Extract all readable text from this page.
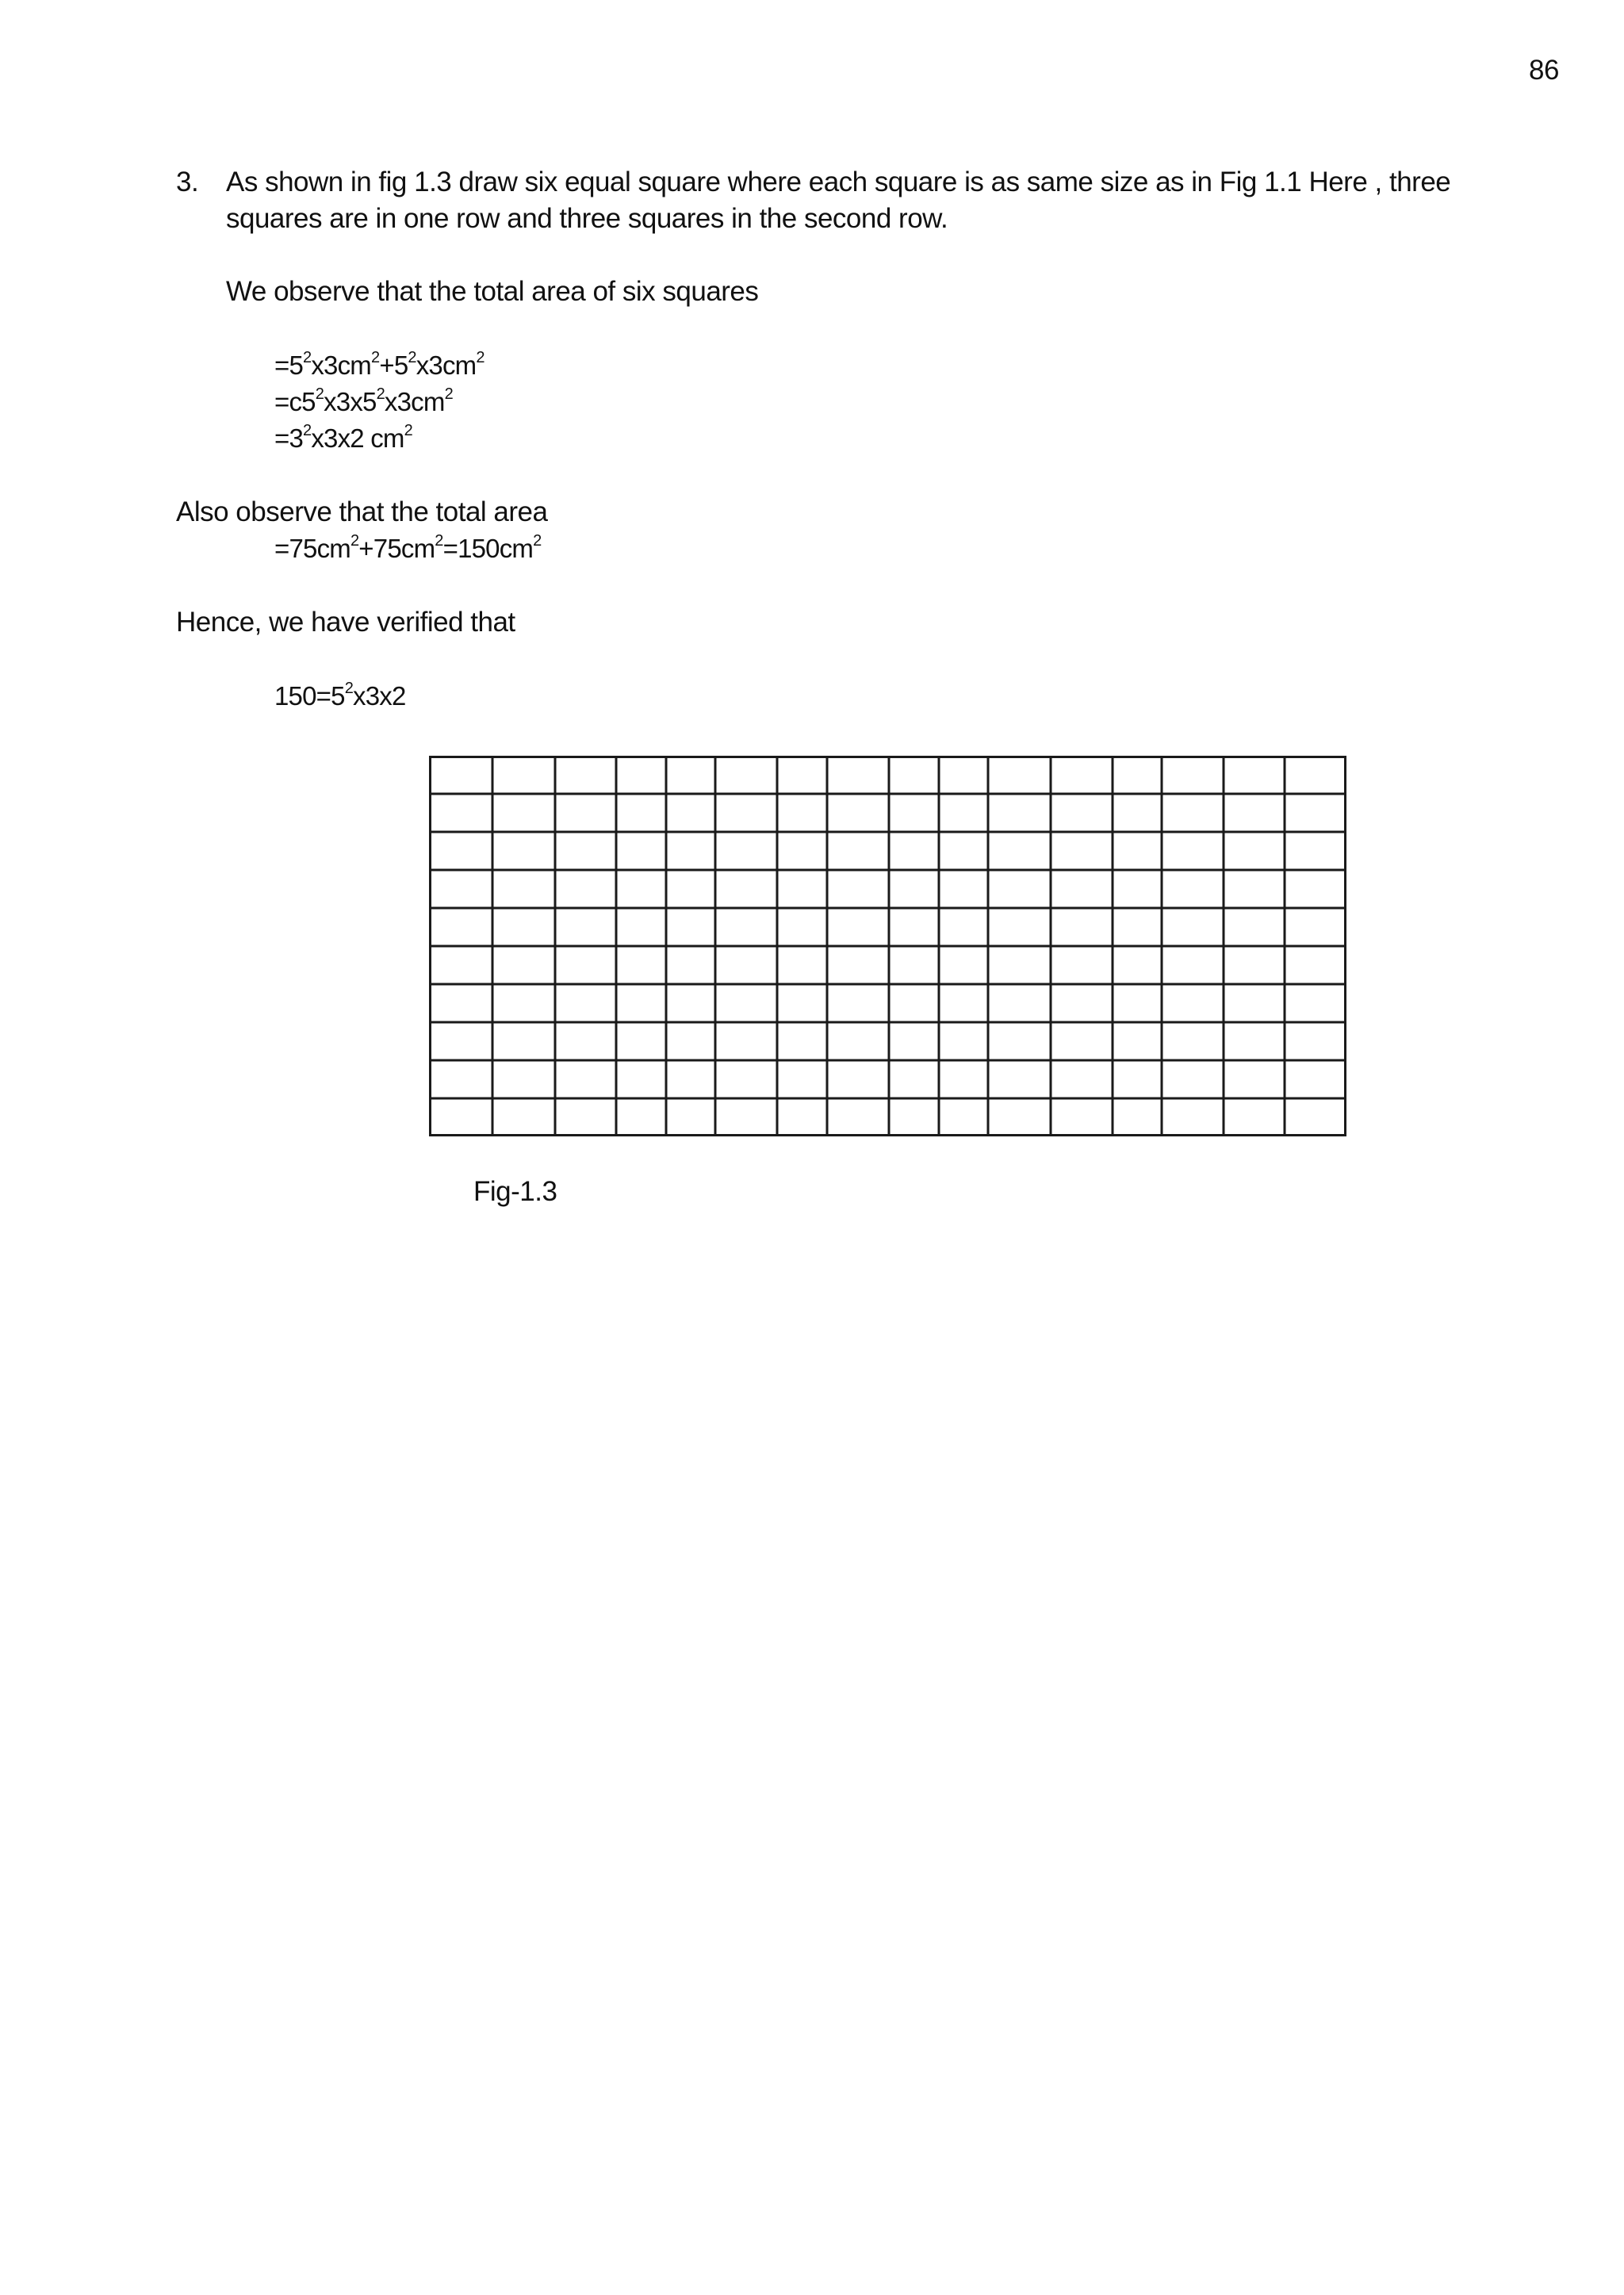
86
3. As shown in fig 1.3 draw six equal square where each square is as same size as in Fig 1.1 Here , three
squares are in one row and three squares in the second row.
We observe that the total area of six squares
$=5^2x3cm^2+5^2x3cm^2$
$=c5^2x3x5^2x3cm^2$
$=3^2x3x2$ $cm^2$
Also observe that the total area
$=75cm^2+75cm^2=150cm^2$
Hence, we have verified that
$150=5^2x3x2$
Fig-1.3
